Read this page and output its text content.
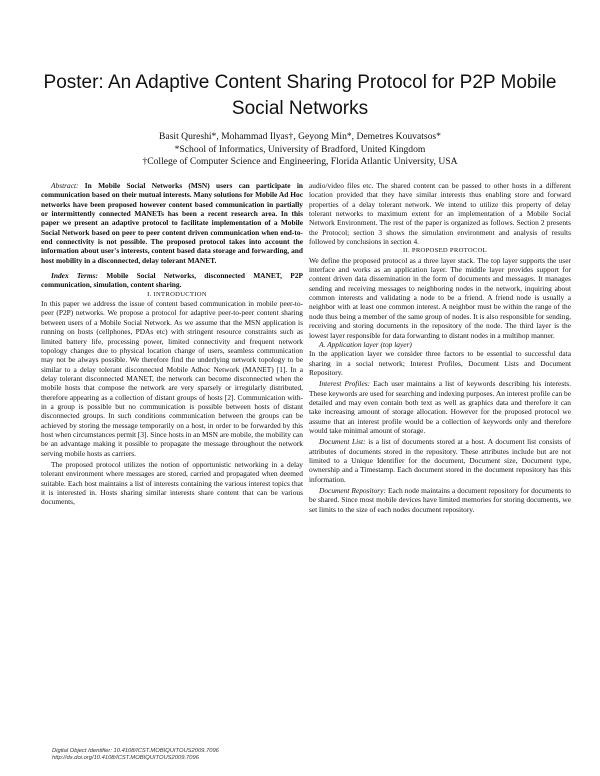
Poster: An Adaptive Content Sharing Protocol for P2P Mobile Social Networks
Basit Qureshi*, Mohammad Ilyas†, Geyong Min*, Demetres Kouvatsos*
*School of Informatics, University of Bradford, United Kingdom
†College of Computer Science and Engineering, Florida Atlantic University, USA

Abstract: In Mobile Social Networks (MSN) users can participate in communication based on their mutual interests. Many solutions for Mobile Ad Hoc networks have been proposed however content based communication in partially or intermittently connected MANETs has been a recent research area. In this paper we present an adaptive protocol to facilitate implementation of a Mobile Social Network based on peer to peer content driven communication when end-to-end connectivity is not possible. The proposed protocol takes into account the information about user's interests, content based data storage and forwarding, and host mobility in a disconnected, delay tolerant MANET.

Index Terms: Mobile Social Networks, disconnected MANET, P2P communication, simulation, content sharing.

I. INTRODUCTION

In this paper we address the issue of content based communication in mobile peer-to-peer (P2P) networks. We propose a protocol for adaptive peer-to-peer content sharing between users of a Mobile Social Network. As we assume that the MSN application is running on hosts (cellphones, PDAs etc) with stringent resource constraints such as limited battery life, processing power, limited connectivity and frequent network topology changes due to physical location change of users, seamless communication may not be always possible. We therefore find the underlying network topology to be similar to a delay tolerant disconnected Mobile Adhoc Network (MANET) [1]. In a delay tolerant disconnected MANET, the network can become disconnected when the mobile hosts that compose the network are very sparsely or irregularly distributed, therefore appearing as a collection of distant groups of hosts [2]. Communication with-in a group is possible but no communication is possible between hosts of distant disconnected groups. In such conditions communication between the groups can be achieved by storing the message temporarily on a host, in order to be forwarded by this host when circumstances permit [3]. Since hosts in an MSN are mobile, the mobility can be an advantage making it possible to propagate the message throughout the network serving mobile hosts as carriers.

The proposed protocol utilizes the notion of opportunistic networking in a delay tolerant environment where messages are stored, carried and propagated when deemed suitable. Each host maintains a list of interests containing the various interest topics that it is interested in. Hosts sharing similar interests share content that can be various documents,

audio/video files etc. The shared content can be passed to other hosts in a different location provided that they have similar interests thus enabling store and forward properties of a delay tolerant network. We intend to utilize this property of delay tolerant networks to maximum extent for an implementation of a Mobile Social Network Environment. The rest of the paper is organized as follows. Section 2 presents the Protocol; section 3 shows the simulation environment and analysis of results followed by conclusions in section 4.

II. PROPOSED PROTOCOL

We define the proposed protocol as a three layer stack. The top layer supports the user interface and works as an application layer. The middle layer provides support for content driven data dissemination in the form of documents and messages. It manages sending and receiving messages to neighboring nodes in the network, inquiring about common interests and validating a node to be a friend. A friend node is usually a neighbor with at least one common interest. A neighbor must be within the range of the node thus being a member of the same group of nodes. It is also responsible for sending, receiving and storing documents in the repository of the node. The third layer is the lowest layer responsible for data forwarding to distant nodes in a multihop manner.

A. Application layer (top layer)

In the application layer we consider three factors to be essential to successful data sharing in a social network; Interest Profiles, Document Lists and Document Repository.

Interest Profiles: Each user maintains a list of keywords describing his interests. These keywords are used for searching and indexing purposes. An interest profile can be detailed and may even contain both text as well as graphics data and therefore it can take increasing amount of storage allocation. However for the proposed protocol we assume that an interest profile would be a collection of keywords only and therefore would take minimal amount of storage.

Document List: is a list of documents stored at a host. A document list consists of attributes of documents stored in the repository. These attributes include but are not limited to a Unique Identifier for the document, Document size, Document type, ownership and a Timestamp. Each document stored in the document repository has this information.

Document Repository: Each node maintains a document repository for documents to be shared. Since most mobile devices have limited memories for storing documents, we set limits to the size of each nodes document repository.

Digital Object Identifier: 10.4108/ICST.MOBIQUITOUS2009.7096
http://dx.doi.org/10.4108/ICST.MOBIQUITOUS2009.7096
